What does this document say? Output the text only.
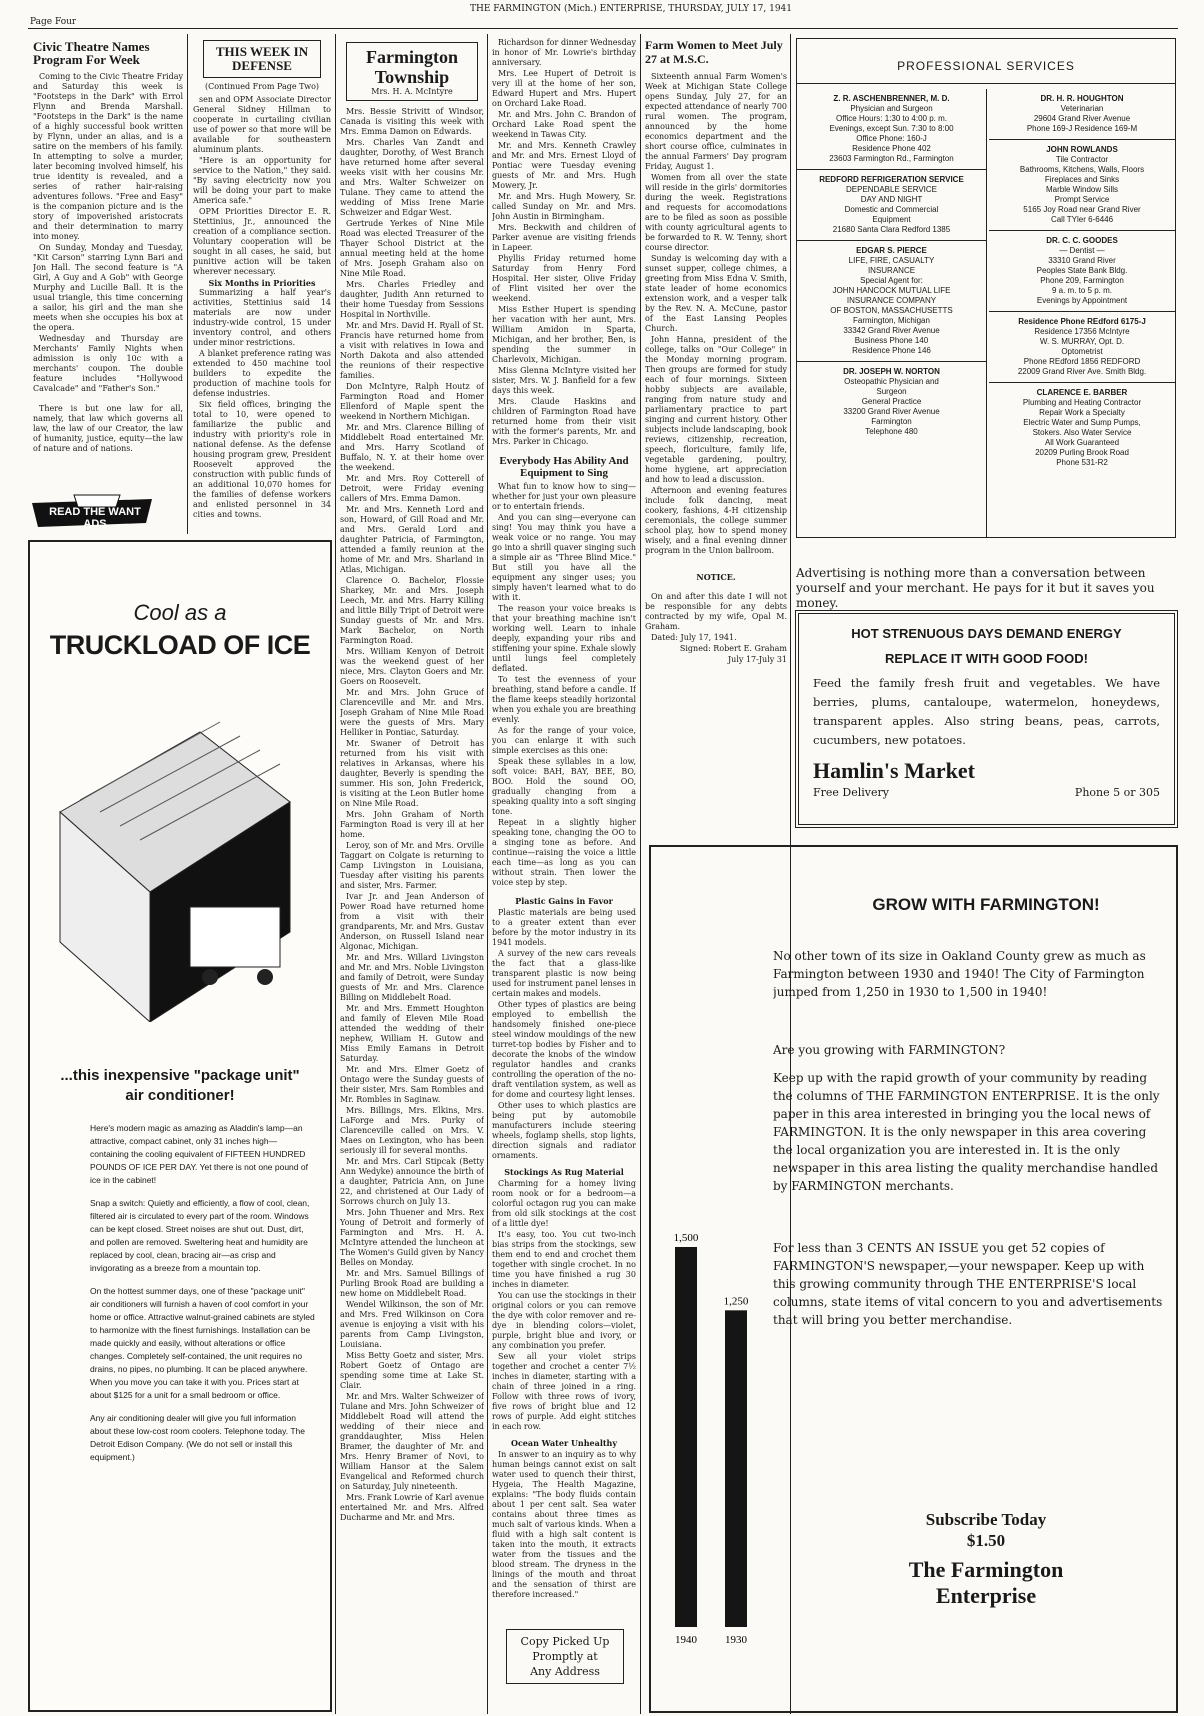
Page Four
THE FARMINGTON (Mich.) ENTERPRISE, THURSDAY, JULY 17, 1941
Civic Theatre Names Program For Week

Coming to the Civic Theatre Friday and Saturday this week is "Footsteps in the Dark" with Errol Flynn and Brenda Marshall. "Footsteps in the Dark" is the name of a highly successful book written by Flynn, under an alias, and is a satire on the members of his family. In attempting to solve a murder, later becoming involved himself, his true identity is revealed, and a series of rather hair-raising adventures follows. "Free and Easy" is the companion picture and is the story of impoverished aristocrats and their determination to marry into money.

On Sunday, Monday and Tuesday, "Kit Carson" starring Lynn Bari and Jon Hall. The second feature is "A Girl, A Guy and A Gob" with George Murphy and Lucille Ball. It is the usual triangle, this time concerning a sailor, his girl and the man she meets when she occupies his box at the opera.

Wednesday and Thursday are Merchants' Family Nights when admission is only 10c with a merchants' coupon. The double feature includes "Hollywood Cavalcade" and "Father's Son."

There is but one law for all, namely, that law which governs all law, the law of our Creator, the law of humanity, justice, equity—the law of nature and of nations.

READ THE WANT ADS
THIS WEEK IN DEFENSE
(Continued From Page Two)

sen and OPM Associate Director General Sidney Hillman to cooperate in curtailing civilian use of power so that more will be available for southeastern aluminum plants.

"Here is an opportunity for service to the Nation," they said. "By saving electricity now you will be doing your part to make America safe."

OPM Priorities Director E. R. Stettinius, Jr., announced the creation of a compliance section. Voluntary cooperation will be sought in all cases, he said, but punitive action will be taken wherever necessary.

Six Months in Priorities

Summarizing a half year's activities, Stettinius said 14 materials are now under industry-wide control, 15 under inventory control, and others under minor restrictions.

A blanket preference rating was extended to 450 machine tool builders to expedite the production of machine tools for defense industries.

Six field offices, bringing the total to 10, were opened to familiarize the public and industry with priority's role in national defense. As the defense housing program grew, President Roosevelt approved the construction with public funds of an additional 10,070 homes for the families of defense workers and enlisted personnel in 34 cities and towns.

Cool as a
TRUCKLOAD OF ICE
...this inexpensive "package unit"
air conditioner!

Here's modern magic as amazing as Aladdin's lamp—an attractive, compact cabinet, only 31 inches high—containing the cooling equivalent of FIFTEEN HUNDRED POUNDS OF ICE PER DAY. Yet there is not one pound of ice in the cabinet!

Snap a switch: Quietly and efficiently, a flow of cool, clean, filtered air is circulated to every part of the room. Windows can be kept closed. Street noises are shut out. Dust, dirt, and pollen are removed. Sweltering heat and humidity are replaced by cool, clean, bracing air—as crisp and invigorating as a breeze from a mountain top.

On the hottest summer days, one of these "package unit" air conditioners will furnish a haven of cool comfort in your home or office. Attractive walnut-grained cabinets are styled to harmonize with the finest furnishings. Installation can be made quickly and easily, without alterations or office changes. Completely self-contained, the unit requires no drains, no pipes, no plumbing. It can be placed anywhere. When you move you can take it with you. Prices start at about $125 for a unit for a small bedroom or office.

Any air conditioning dealer will give you full information about these low-cost room coolers. Telephone today. The Detroit Edison Company. (We do not sell or install this equipment.)

Farmington
Township
Mrs. H. A. McIntyre

Mrs. Bessie Strivitt of Windsor, Canada is visiting this week with Mrs. Emma Damon on Edwards.

Mrs. Charles Van Zandt and daughter, Dorothy, of West Branch have returned home after several weeks visit with her cousins Mr. and Mrs. Walter Schweizer on Tulane. They came to attend the wedding of Miss Irene Marie Schweizer and Edgar West.

Gertrude Yerkes of Nine Mile Road was elected Treasurer of the Thayer School District at the annual meeting held at the home of Mrs. Joseph Graham also on Nine Mile Road.

Mrs. Charles Friedley and daughter, Judith Ann returned to their home Tuesday from Sessions Hospital in Northville.

Mr. and Mrs. David H. Ryall of St. Francis have returned home from a visit with relatives in Iowa and North Dakota and also attended the reunions of their respective families.

Don McIntyre, Ralph Houtz of Farmington Road and Homer Ellenford of Maple spent the weekend in Northern Michigan.

Mr. and Mrs. Clarence Billing of Middlebelt Road entertained Mr. and Mrs. Harry Scotland of Buffalo, N. Y. at their home over the weekend.

Mr. and Mrs. Roy Cotterell of Detroit, were Friday evening callers of Mrs. Emma Damon.

Mr. and Mrs. Kenneth Lord and son, Howard, of Gill Road and Mr. and Mrs. Gerald Lord and daughter Patricia, of Farmington, attended a family reunion at the home of Mr. and Mrs. Sharland in Atlas, Michigan.

Clarence O. Bachelor, Flossie Sharkey, Mr. and Mrs. Joseph Leech, Mr. and Mrs. Harry Killing and little Billy Tript of Detroit were Sunday guests of Mr. and Mrs. Mark Bachelor, on North Farmington Road.

Mrs. William Kenyon of Detroit was the weekend guest of her niece, Mrs. Clayton Goers and Mr. Goers on Roosevelt.

Mr. and Mrs. John Gruce of Clarenceville and Mr. and Mrs. Joseph Graham of Nine Mile Road were the guests of Mrs. Mary Helliker in Pontiac, Saturday.

Mr. Swaner of Detroit has returned from his visit with relatives in Arkansas, where his daughter, Beverly is spending the summer. His son, John Frederick, is visiting at the Leon Butler home on Nine Mile Road.

Mrs. John Graham of North Farmington Road is very ill at her home.

Leroy, son of Mr. and Mrs. Orville Taggart on Colgate is returning to Camp Livingston in Louisiana, Tuesday after visiting his parents and sister, Mrs. Farmer.

Ivar Jr. and Jean Anderson of Power Road have returned home from a visit with their grandparents, Mr. and Mrs. Gustav Anderson, on Russell Island near Algonac, Michigan.

Mr. and Mrs. Willard Livingston and Mr. and Mrs. Noble Livingston and family of Detroit, were Sunday guests of Mr. and Mrs. Clarence Billing on Middlebelt Road.

Mr. and Mrs. Emmett Houghton and family of Eleven Mile Road attended the wedding of their nephew, William H. Gutow and Miss Emily Eamans in Detroit Saturday.

Mr. and Mrs. Elmer Goetz of Ontago were the Sunday guests of their sister, Mrs. Sam Rombles and Mr. Rombles in Saginaw.

Mrs. Billings, Mrs. Elkins, Mrs. LaForge and Mrs. Purky of Clarenceville called on Mrs. V. Maes on Lexington, who has been seriously ill for several months.

Mr. and Mrs. Carl Stipcak (Betty Ann Wedyke) announce the birth of a daughter, Patricia Ann, on June 22, and christened at Our Lady of Sorrows church on July 13.

Mrs. John Thuener and Mrs. Rex Young of Detroit and formerly of Farmington and Mrs. H. A. McIntyre attended the luncheon at The Women's Guild given by Nancy Belles on Monday.

Mr. and Mrs. Samuel Billings of Purling Brook Road are building a new home on Middlebelt Road.

Wendel Wilkinson, the son of Mr. and Mrs. Fred Wilkinson on Cora avenue is enjoying a visit with his parents from Camp Livingston, Louisiana.

Miss Betty Goetz and sister, Mrs. Robert Goetz of Ontago are spending some time at Lake St. Clair.

Mr. and Mrs. Walter Schweizer of Tulane and Mrs. John Schweizer of Middlebelt Road will attend the wedding of their niece and granddaughter, Miss Helen Bramer, the daughter of Mr. and Mrs. Henry Bramer of Novi, to William Hansor at the Salem Evangelical and Reformed church on Saturday, July nineteenth.

Mrs. Frank Lowrie of Karl avenue entertained Mr. and Mrs. Alfred Ducharme and Mr. and Mrs.

Richardson for dinner Wednesday in honor of Mr. Lowrie's birthday anniversary.

Mrs. Lee Hupert of Detroit is very ill at the home of her son, Edward Hupert and Mrs. Hupert on Orchard Lake Road.

Mr. and Mrs. John C. Brandon of Orchard Lake Road spent the weekend in Tawas City.

Mr. and Mrs. Kenneth Crawley and Mr. and Mrs. Ernest Lloyd of Pontiac were Tuesday evening guests of Mr. and Mrs. Hugh Mowery, Jr.

Mr. and Mrs. Hugh Mowery, Sr. called Sunday on Mr. and Mrs. John Austin in Birmingham.

Mrs. Beckwith and children of Parker avenue are visiting friends in Lapeer.

Phyllis Friday returned home Saturday from Henry Ford Hospital. Her sister, Olive Friday of Flint visited her over the weekend.

Miss Esther Hupert is spending her vacation with her aunt, Mrs. William Amidon in Sparta, Michigan, and her brother, Ben, is spending the summer in Charlevoix, Michigan.

Miss Glenna McIntyre visited her sister, Mrs. W. J. Banfield for a few days this week.

Mrs. Claude Haskins and children of Farmington Road have returned home from their visit with the former's parents, Mr. and Mrs. Parker in Chicago.

Everybody Has Ability And Equipment to Sing

What fun to know how to sing—whether for just your own pleasure or to entertain friends.

And you can sing—everyone can sing! You may think you have a weak voice or no range. You may go into a shrill quaver singing such a simple air as "Three Blind Mice." But still you have all the equipment any singer uses; you simply haven't learned what to do with it.

The reason your voice breaks is that your breathing machine isn't working well. Learn to inhale deeply, expanding your ribs and stiffening your spine. Exhale slowly until lungs feel completely deflated.

To test the evenness of your breathing, stand before a candle. If the flame keeps steadily horizontal when you exhale you are breathing evenly.

As for the range of your voice, you can enlarge it with such simple exercises as this one:

Speak these syllables in a low, soft voice: BAH, BAY, BEE, BO, BOO. Hold the sound OO, gradually changing from a speaking quality into a soft singing tone.

Repeat in a slightly higher speaking tone, changing the OO to a singing tone as before. And continue—raising the voice a little each time—as long as you can without strain. Then lower the voice step by step.

Plastic Gains in Favor

Plastic materials are being used to a greater extent than ever before by the motor industry in its 1941 models.

A survey of the new cars reveals the fact that a glass-like transparent plastic is now being used for instrument panel lenses in certain makes and models.

Other types of plastics are being employed to embellish the handsomely finished one-piece steel window mouldings of the new turret-top bodies by Fisher and to decorate the knobs of the window regulator handles and cranks controlling the operation of the no-draft ventilation system, as well as for dome and courtesy light lenses.

Other uses to which plastics are being put by automobile manufacturers include steering wheels, foglamp shells, stop lights, direction signals and radiator ornaments.

Stockings As Rug Material

Charming for a homey living room nook or for a bedroom—a colorful octagon rug you can make from old silk stockings at the cost of a little dye!

It's easy, too. You cut two-inch bias strips from the stockings, sew them end to end and crochet them together with single crochet. In no time you have finished a rug 30 inches in diameter.

You can use the stockings in their original colors or you can remove the dye with color remover and re-dye in blending colors—violet, purple, bright blue and ivory, or any combination you prefer.

Sew all your violet strips together and crochet a center 7½ inches in diameter, starting with a chain of three joined in a ring. Follow with three rows of ivory, five rows of bright blue and 12 rows of purple. Add eight stitches in each row.

Ocean Water Unhealthy

In answer to an inquiry as to why human beings cannot exist on salt water used to quench their thirst, Hygeia, The Health Magazine, explains: "The body fluids contain about 1 per cent salt. Sea water contains about three times as much salt of various kinds. When a fluid with a high salt content is taken into the mouth, it extracts water from the tissues and the blood stream. The dryness in the linings of the mouth and throat and the sensation of thirst are therefore increased."

Copy Picked Up
Promptly at
Any Address
Farm Women to Meet July 27 at M.S.C.

Sixteenth annual Farm Women's Week at Michigan State College opens Sunday, July 27, for an expected attendance of nearly 700 rural women. The program, announced by the home economics department and the short course office, culminates in the annual Farmers' Day program Friday, August 1.

Women from all over the state will reside in the girls' dormitories during the week. Registrations and requests for accomodations are to be filed as soon as possible with county agricultural agents to be forwarded to R. W. Tenny, short course director.

Sunday is welcoming day with a sunset supper, college chimes, a greeting from Miss Edna V. Smith, state leader of home economics extension work, and a vesper talk by the Rev. N. A. McCune, pastor of the East Lansing Peoples Church.

John Hanna, president of the college, talks on "Our College" in the Monday morning program. Then groups are formed for study each of four mornings. Sixteen hobby subjects are available, ranging from nature study and parliamentary practice to part singing and current history. Other subjects include landscaping, book reviews, citizenship, recreation, speech, floriculture, family life, vegetable gardening, poultry, home hygiene, art appreciation and how to lead a discussion.

Afternoon and evening features include folk dancing, meat cookery, fashions, 4-H citizenship ceremonials, the college summer school play, how to spend money wisely, and a final evening dinner program in the Union ballroom.

NOTICE.

On and after this date I will not be responsible for any debts contracted by my wife, Opal M. Graham.

Dated: July 17, 1941.

Signed: Robert E. Graham

July 17-July 31

PROFESSIONAL SERVICES
Z. R. ASCHENBRENNER, M. D.
Physician and Surgeon
Office Hours: 1:30 to 4:00 p. m.
Evenings, except Sun. 7:30 to 8:00
Office Phone: 160-J
Residence Phone 402
23603 Farmington Rd., Farmington
REDFORD REFRIGERATION SERVICE
DEPENDABLE SERVICE
DAY AND NIGHT
Domestic and Commercial
Equipment
21680 Santa Clara Redford 1385
EDGAR S. PIERCE
LIFE, FIRE, CASUALTY
INSURANCE
Special Agent for:
JOHN HANCOCK MUTUAL LIFE
INSURANCE COMPANY
OF BOSTON, MASSACHUSETTS
Farmington, Michigan
33342 Grand River Avenue
Business Phone 140
Residence Phone 146
DR. JOSEPH W. NORTON
Osteopathic Physician and
Surgeon
General Practice
33200 Grand River Avenue
Farmington
Telephone 480
DR. H. R. HOUGHTON
Veterinarian
29604 Grand River Avenue
Phone 169-J Residence 169-M
JOHN ROWLANDS
Tile Contractor
Bathrooms, Kitchens, Walls, Floors
Fireplaces and Sinks
Marble Window Sills
Prompt Service
5165 Joy Road near Grand River
Call TYler 6-6446
DR. C. C. GOODES
— Dentist —
33310 Grand River
Peoples State Bank Bldg.
Phone 209, Farmington
9 a. m. to 5 p. m.
Evenings by Appointment
Residence Phone REdford 6175-J
Residence 17356 McIntyre
W. S. MURRAY, Opt. D.
Optometrist
Phone REdford 1856 REDFORD
22009 Grand River Ave. Smith Bldg.
CLARENCE E. BARBER
Plumbing and Heating Contractor
Repair Work a Specialty
Electric Water and Sump Pumps,
Stokers. Also Water Service
All Work Guaranteed
20209 Purling Brook Road
Phone 531-R2
Advertising is nothing more than a conversation between yourself and your merchant. He pays for it but it saves you money.
HOT STRENUOUS DAYS DEMAND ENERGY
REPLACE IT WITH GOOD FOOD!
Feed the family fresh fruit and vegetables. We have berries, plums, cantaloupe, watermelon, honeydews, transparent apples. Also string beans, peas, carrots, cucumbers, new potatoes.
Hamlin's Market
Free Delivery	Phone 5 or 305
1,500
1940
1,250
1930
GROW WITH FARMINGTON!

No other town of its size in Oakland County grew as much as Farmington between 1930 and 1940! The City of Farmington jumped from 1,250 in 1930 to 1,500 in 1940!

Are you growing with FARMINGTON?

Keep up with the rapid growth of your community by reading the columns of THE FARMINGTON ENTERPRISE. It is the only paper in this area interested in bringing you the local news of FARMINGTON. It is the only newspaper in this area covering the local organization you are interested in. It is the only newspaper in this area listing the quality merchandise handled by FARMINGTON merchants.

For less than 3 CENTS AN ISSUE you get 52 copies of FARMINGTON'S newspaper,—your newspaper. Keep up with this growing community through THE ENTERPRISE'S local columns, state items of vital concern to you and advertisements that will bring you better merchandise.

Subscribe Today
$1.50
The Farmington
Enterprise
